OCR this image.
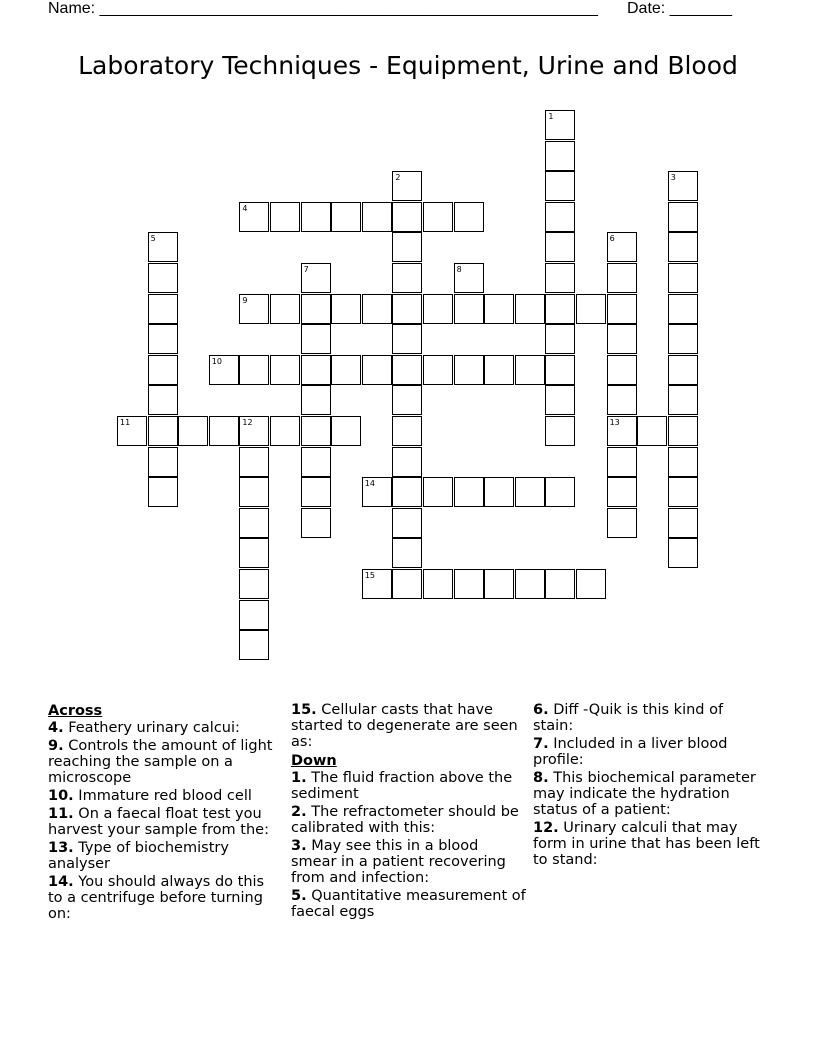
Name: ________________________________________________________ Date: _______
Laboratory Techniques - Equipment, Urine and Blood
1
2	3
4
5	6
13
7	8
9
10
11	12
14
15
Across
4. Feathery urinary calcui:
9. Controls the amount of light reaching the sample on a microscope
10. Immature red blood cell
11. On a faecal float test you harvest your sample from the:
13. Type of biochemistry analyser
14. You should always do this to a centrifuge before turning on:
15. Cellular casts that have started to degenerate are seen as:
Down
1. The fluid fraction above the sediment
2. The refractometer should be calibrated with this:
3. May see this in a blood smear in a patient recovering from and infection:
5. Quantitative measurement of faecal eggs
6. Diff -Quik is this kind of stain:
7. Included in a liver blood profile:
8. This biochemical parameter may indicate the hydration status of a patient:
12. Urinary calculi that may form in urine that has been left to stand:
